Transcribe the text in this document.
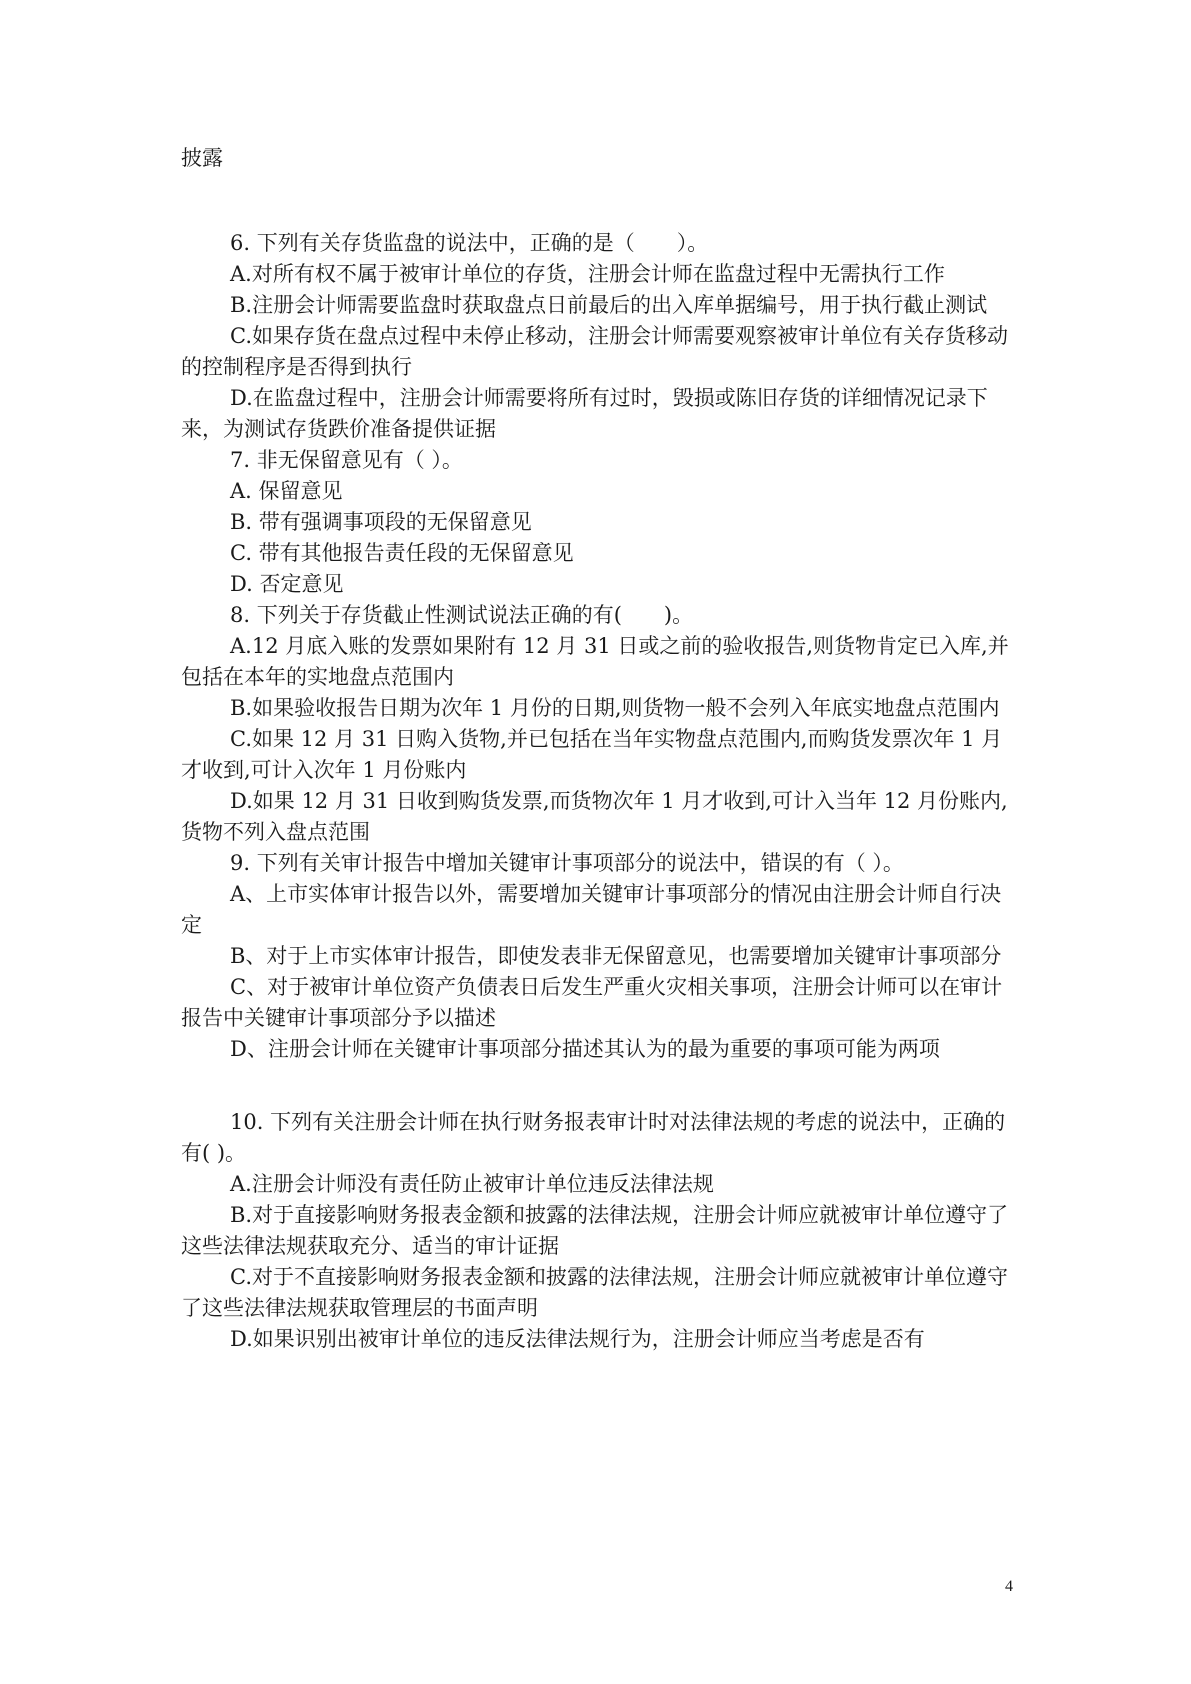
披露

6. 下列有关存货监盘的说法中，正确的是（　　）。

A.对所有权不属于被审计单位的存货，注册会计师在监盘过程中无需执行工作

B.注册会计师需要监盘时获取盘点日前最后的出入库单据编号，用于执行截止测试

C.如果存货在盘点过程中未停止移动，注册会计师需要观察被审计单位有关存货移动的控制程序是否得到执行

D.在监盘过程中，注册会计师需要将所有过时，毁损或陈旧存货的详细情况记录下来，为测试存货跌价准备提供证据

7. 非无保留意见有（ ）。

A. 保留意见

B. 带有强调事项段的无保留意见

C. 带有其他报告责任段的无保留意见

D. 否定意见

8. 下列关于存货截止性测试说法正确的有(　　)。

A.12 月底入账的发票如果附有 12 月 31 日或之前的验收报告,则货物肯定已入库,并包括在本年的实地盘点范围内

B.如果验收报告日期为次年 1 月份的日期,则货物一般不会列入年底实地盘点范围内

C.如果 12 月 31 日购入货物,并已包括在当年实物盘点范围内,而购货发票次年 1 月才收到,可计入次年 1 月份账内

D.如果 12 月 31 日收到购货发票,而货物次年 1 月才收到,可计入当年 12 月份账内,货物不列入盘点范围

9. 下列有关审计报告中增加关键审计事项部分的说法中，错误的有（ ）。

A、上市实体审计报告以外，需要增加关键审计事项部分的情况由注册会计师自行决定

B、对于上市实体审计报告，即使发表非无保留意见，也需要增加关键审计事项部分

C、对于被审计单位资产负债表日后发生严重火灾相关事项，注册会计师可以在审计报告中关键审计事项部分予以描述

D、注册会计师在关键审计事项部分描述其认为的最为重要的事项可能为两项

10. 下列有关注册会计师在执行财务报表审计时对法律法规的考虑的说法中，正确的有( )。

A.注册会计师没有责任防止被审计单位违反法律法规

B.对于直接影响财务报表金额和披露的法律法规，注册会计师应就被审计单位遵守了这些法律法规获取充分、适当的审计证据

C.对于不直接影响财务报表金额和披露的法律法规，注册会计师应就被审计单位遵守了这些法律法规获取管理层的书面声明

D.如果识别出被审计单位的违反法律法规行为，注册会计师应当考虑是否有

4
